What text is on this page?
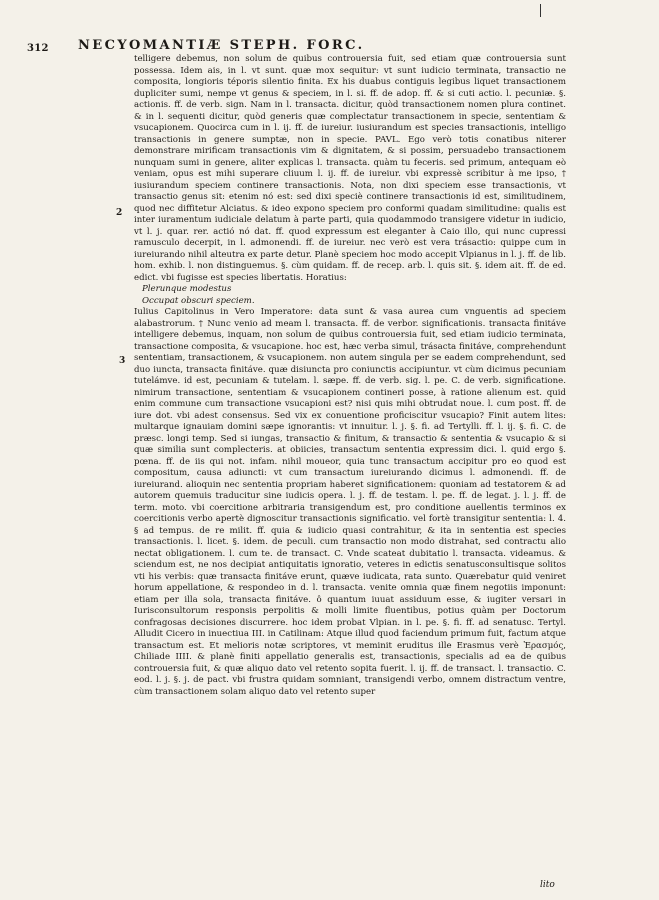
312 NECYOMANTIÆ STEPH. FORC.
2
3

telligere debemus, non solum de quibus controuersia fuit, sed etiam quæ controuersia sunt possessa. Idem ais, in l. vt sunt. quæ mox sequitur: vt sunt iudicio terminata, transactio ne composita, longioris téporis silentio finita. Ex his duabus contiguis legibus liquet transactionem dupliciter sumi, nempe vt genus & speciem, in l. si. ff. de adop. ff. & si cuti actio. l. pecuniæ. §. actionis. ff. de verb. sign. Nam in l. transacta. dicitur, quòd transactionem nomen plura continet. & in l. sequenti dicitur, quòd generis quæ complectatur transactionem in specie, sententiam & vsucapionem. Quocirca cum in l. ij. ff. de iureiur. iusiurandum est species transactionis, intelligo transactionis in genere sumptæ, non in specie. PAVL. Ego verò totis conatibus niterer demonstrare mirificam transactionis vim & dignitatem, & si possim, persuadebo transactionem nunquam sumi in genere, aliter explicas l. transacta. quàm tu feceris. sed primum, antequam eò veniam, opus est mihi superare cliuum l. ij. ff. de iureiur. vbi expressè scribitur à me ipso, † iusiurandum speciem continere transactionis. Nota, non dixi speciem esse transactionis, vt transactio genus sit: etenim nó est: sed dixi speciè continere transactionis id est, similitudinem, quod nec diffitetur Alciatus. & ideo expono speciem pro conformi quadam similitudine: qualis est inter iuramentum iudiciale delatum à parte parti, quia quodammodo transigere videtur in iudicio, vt l. j. quar. rer. actió nó dat. ff. quod expressum est eleganter à Caio illo, qui nunc cupressi ramusculo decerpit, in l. admonendi. ff. de iureiur. nec verò est vera trásactio: quippe cum in iureiurando nihil alteutra ex parte detur. Planè speciem hoc modo accepit Vlpianus in l. j. ff. de lib. hom. exhib. l. non distinguemus. §. cùm quidam. ff. de recep. arb. l. quis sit. §. idem ait. ff. de ed. edict. vbi fugisse est species libertatis. Horatius:

Plerunque modestus

Occupat obscuri speciem.

Iulius Capitolinus in Vero Imperatore: data sunt & vasa aurea cum vnguentis ad speciem alabastrorum. † Nunc venio ad meam l. transacta. ff. de verbor. significationis. transacta finitáve intelligere debemus, inquam, non solum de quibus controuersia fuit, sed etiam iudicio terminata, transactione composita, & vsucapione. hoc est, hæc verba simul, trásacta finitáve, comprehendunt sententiam, transactionem, & vsucapionem. non autem singula per se eadem comprehendunt, sed duo iuncta, transacta finitáve. quæ disiuncta pro coniunctis accipiuntur. vt cùm dicimus pecuniam tutelámve. id est, pecuniam & tutelam. l. sæpe. ff. de verb. sig. l. pe. C. de verb. significatione. nimirum transactione, sententiam & vsucapionem contineri posse, à ratione alienum est. quid enim commune cum transactione vsucapioni est? nisi quis mihi obtrudat noue. l. cum post. ff. de iure dot. vbi adest consensus. Sed vix ex conuentione proficiscitur vsucapio? Finit autem lites: multarque ignauiam domini sæpe ignorantis: vt innuitur. l. j. §. fi. ad Tertylli. ff. l. ij. §. fi. C. de præsc. longi temp. Sed si iungas, transactio & finitum, & transactio & sententia & vsucapio & si quæ similia sunt complecteris. at obiicies, transactum sententia expressim dici. l. quid ergo §. pœna. ff. de iis qui not. infam. nihil moueor, quia tunc transactum accipitur pro eo quod est compositum, causa adiuncti: vt cum transactum iureiurando dicimus l. admonendi. ff. de iureiurand. alioquin nec sententia propriam haberet significationem: quoniam ad testatorem & ad autorem quemuis traducitur sine iudicis opera. l. j. ff. de testam. l. pe. ff. de legat. j. l. j. ff. de term. moto. vbi coercitione arbitraria transigendum est, pro conditione auellentis terminos ex coercitionis verbo apertè dignoscitur transactionis significatio. vel fortè transigitur sententia: l. 4. § ad tempus. de re milit. ff. quia & iudicio quasi contrahitur, & ita in sententia est species transactionis. l. licet. §. idem. de peculi. cum transactio non modo distrahat, sed contractu alio nectat obligationem. l. cum te. de transact. C. Vnde scateat dubitatio l. transacta. videamus. & sciendum est, ne nos decipiat antiquitatis ignoratio, veteres in edictis senatusconsultisque solitos vti his verbis: quæ transacta finitáve erunt, quæve iudicata, rata sunto. Quærebatur quid veniret horum appellatione, & respondeo in d. l. transacta. venite omnia quæ finem negotiis imponunt: etiam per illa sola, transacta finitáve. ô quantum iuuat assiduum esse, & iugiter versari in Iurisconsultorum responsis perpolitis & molli limite fluentibus, potius quàm per Doctorum confragosas decisiones discurrere. hoc idem probat Vlpian. in l. pe. §. fi. ff. ad senatusc. Tertyl. Alludit Cicero in inuectiua III. in Catilinam: Atque illud quod faciendum primum fuit, factum atque transactum est. Et melioris notæ scriptores, vt meminit eruditus ille Erasmus verè Ἐρασμός, Chiliade IIII. & planè finiti appellatio generalis est, transactionis, specialis ad ea de quibus controuersia fuit, & quæ aliquo dato vel retento sopita fuerit. l. ij. ff. de transact. l. transactio. C. eod. l. j. §. j. de pact. vbi frustra quidam somniant, transigendi verbo, omnem distractum ventre, cùm transactionem solam aliquo dato vel retento super

lito
